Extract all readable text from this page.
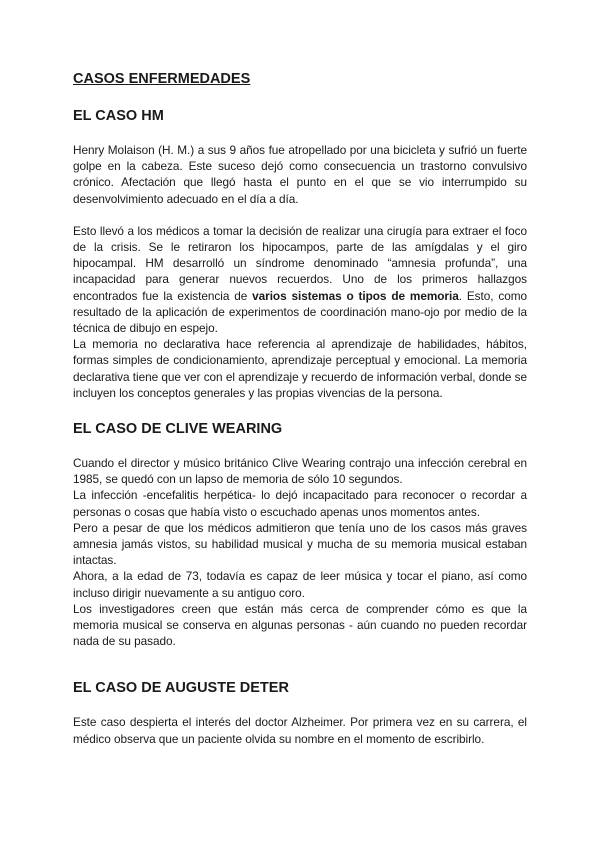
CASOS ENFERMEDADES
EL CASO HM

Henry Molaison (H. M.) a sus 9 años fue atropellado por una bicicleta y sufrió un fuerte golpe en la cabeza. Este suceso dejó como consecuencia un trastorno convulsivo crónico. Afectación que llegó hasta el punto en el que se vio interrumpido su desenvolvimiento adecuado en el día a día.

Esto llevó a los médicos a tomar la decisión de realizar una cirugía para extraer el foco de la crisis. Se le retiraron los hipocampos, parte de las amígdalas y el giro hipocampal. HM desarrolló un síndrome denominado “amnesia profunda”, una incapacidad para generar nuevos recuerdos. Uno de los primeros hallazgos encontrados fue la existencia de varios sistemas o tipos de memoria. Esto, como resultado de la aplicación de experimentos de coordinación mano-ojo por medio de la técnica de dibujo en espejo.

La memoria no declarativa hace referencia al aprendizaje de habilidades, hábitos, formas simples de condicionamiento, aprendizaje perceptual y emocional. La memoria declarativa tiene que ver con el aprendizaje y recuerdo de información verbal, donde se incluyen los conceptos generales y las propias vivencias de la persona.

EL CASO DE CLIVE WEARING

Cuando el director y músico británico Clive Wearing contrajo una infección cerebral en 1985, se quedó con un lapso de memoria de sólo 10 segundos.

La infección -encefalitis herpética- lo dejó incapacitado para reconocer o recordar a personas o cosas que había visto o escuchado apenas unos momentos antes.

Pero a pesar de que los médicos admitieron que tenía uno de los casos más graves amnesia jamás vistos, su habilidad musical y mucha de su memoria musical estaban intactas.

Ahora, a la edad de 73, todavía es capaz de leer música y tocar el piano, así como incluso dirigir nuevamente a su antiguo coro.

Los investigadores creen que están más cerca de comprender cómo es que la memoria musical se conserva en algunas personas - aún cuando no pueden recordar nada de su pasado.

EL CASO DE AUGUSTE DETER

Este caso despierta el interés del doctor Alzheimer. Por primera vez en su carrera, el médico observa que un paciente olvida su nombre en el momento de escribirlo.
